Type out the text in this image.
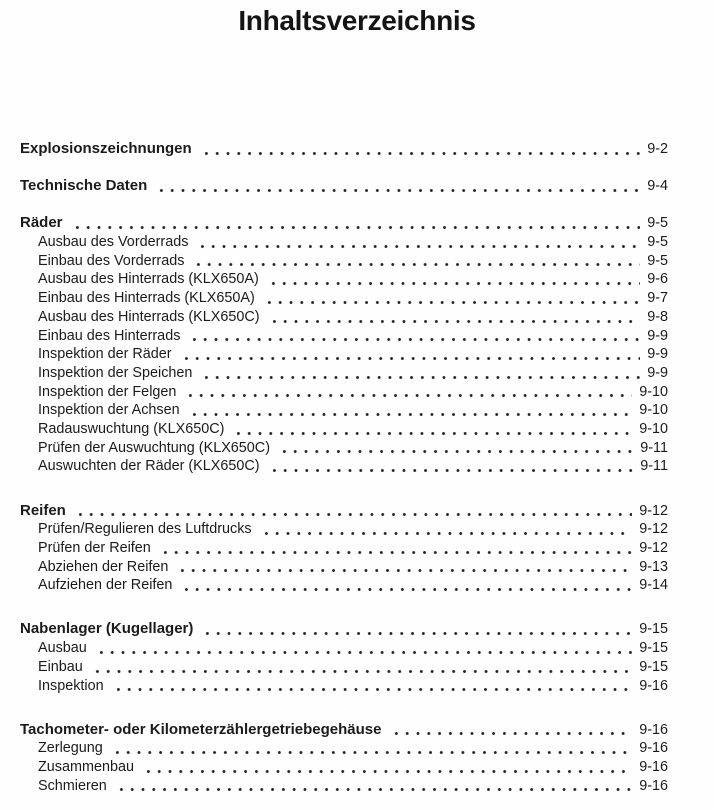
Inhaltsverzeichnis
Explosionszeichnungen	9-2
Technische Daten	9-4
Räder	9-5
Ausbau des Vorderrads	9-5
Einbau des Vorderrads	9-5
Ausbau des Hinterrads (KLX650A)	9-6
Einbau des Hinterrads (KLX650A)	9-7
Ausbau des Hinterrads (KLX650C)	9-8
Einbau des Hinterrads	9-9
Inspektion der Räder	9-9
Inspektion der Speichen	9-9
Inspektion der Felgen	9-10
Inspektion der Achsen	9-10
Radauswuchtung (KLX650C)	9-10
Prüfen der Auswuchtung (KLX650C)	9-11
Auswuchten der Räder (KLX650C)	9-11
Reifen	9-12
Prüfen/Regulieren des Luftdrucks	9-12
Prüfen der Reifen	9-12
Abziehen der Reifen	9-13
Aufziehen der Reifen	9-14
Nabenlager (Kugellager)	9-15
Ausbau	9-15
Einbau	9-15
Inspektion	9-16
Tachometer- oder Kilometerzählergetriebegehäuse	9-16
Zerlegung	9-16
Zusammenbau	9-16
Schmieren	9-16
